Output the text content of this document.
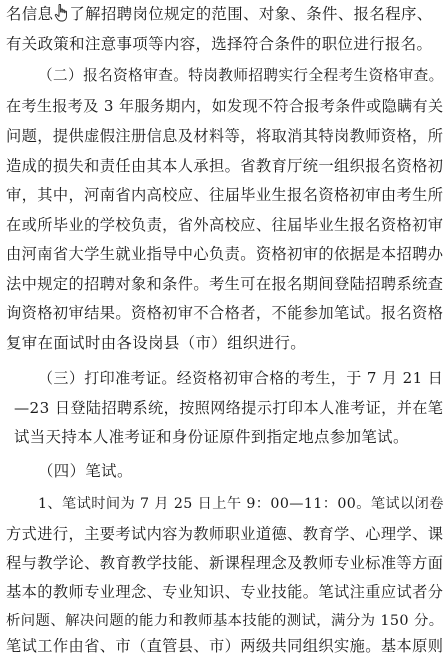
名信息 了解招聘岗位规定的范围、对象、条件、报名程序、
有关政策和注意事项等内容，选择符合条件的职位进行报名。
（二）报名资格审查。特岗教师招聘实行全程考生资格审查。
在考生报考及 3 年服务期内，如发现不符合报考条件或隐瞒有关
问题，提供虚假注册信息及材料等，将取消其特岗教师资格，所
造成的损失和责任由其本人承担。省教育厅统一组织报名资格初
审，其中，河南省内高校应、往届毕业生报名资格初审由考生所
在或所毕业的学校负责，省外高校应、往届毕业生报名资格初审
由河南省大学生就业指导中心负责。资格初审的依据是本招聘办
法中规定的招聘对象和条件。考生可在报名期间登陆招聘系统查
询资格初审结果。资格初审不合格者，不能参加笔试。报名资格
复审在面试时由各设岗县（市）组织进行。
（三）打印准考证。经资格初审合格的考生，于 7 月 21 日
—23 日登陆招聘系统，按照网络提示打印本人准考证，并在笔
试当天持本人准考证和身份证原件到指定地点参加笔试。
（四）笔试。
1、笔试时间为 7 月 25 日上午 9：00—11：00。笔试以闭卷
方式进行，主要考试内容为教师职业道德、教育学、心理学、课
程与教学论、教育教学技能、新课程理念及教师专业标准等方面
基本的教师专业理念、专业知识、专业技能。笔试注重应试者分
析问题、解决问题的能力和教师基本技能的测试，满分为 150 分。
笔试工作由省、市（直管县、市）两级共同组织实施。基本原则
